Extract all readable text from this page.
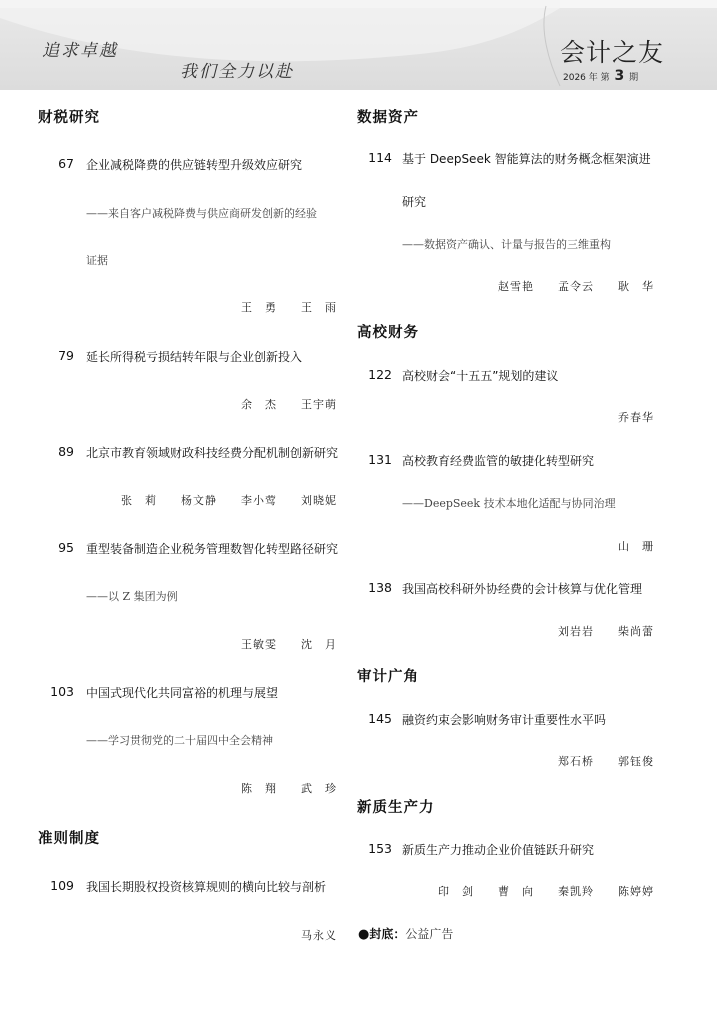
追求卓越
我们全力以赴
会计之友
2026 年 第 3 期
财税研究
67 企业减税降费的供应链转型升级效应研究
——来自客户减税降费与供应商研发创新的经验
证据
王　勇　　王　雨
79 延长所得税亏损结转年限与企业创新投入
余　杰　　王宇萌
89 北京市教育领域财政科技经费分配机制创新研究
张　莉　　杨文静　　李小莺　　刘晓妮
95 重型装备制造企业税务管理数智化转型路径研究
——以 Z 集团为例
王敏雯　　沈　月
103 中国式现代化共同富裕的机理与展望
——学习贯彻党的二十届四中全会精神
陈　翔　　武　珍
准则制度
109 我国长期股权投资核算规则的横向比较与剖析
马永义
数据资产
114 基于 DeepSeek 智能算法的财务概念框架演进
研究
——数据资产确认、计量与报告的三维重构
赵雪艳　　孟令云　　耿　华
高校财务
122 高校财会“十五五”规划的建议
乔春华
131 高校教育经费监管的敏捷化转型研究
——DeepSeek 技术本地化适配与协同治理
山　珊
138 我国高校科研外协经费的会计核算与优化管理
刘岩岩　　柴尚蕾
审计广角
145 融资约束会影响财务审计重要性水平吗
郑石桥　　郭钰俊
新质生产力
153 新质生产力推动企业价值链跃升研究
印　剑　　曹　向　　秦凯羚　　陈婷婷
●封底：公益广告
